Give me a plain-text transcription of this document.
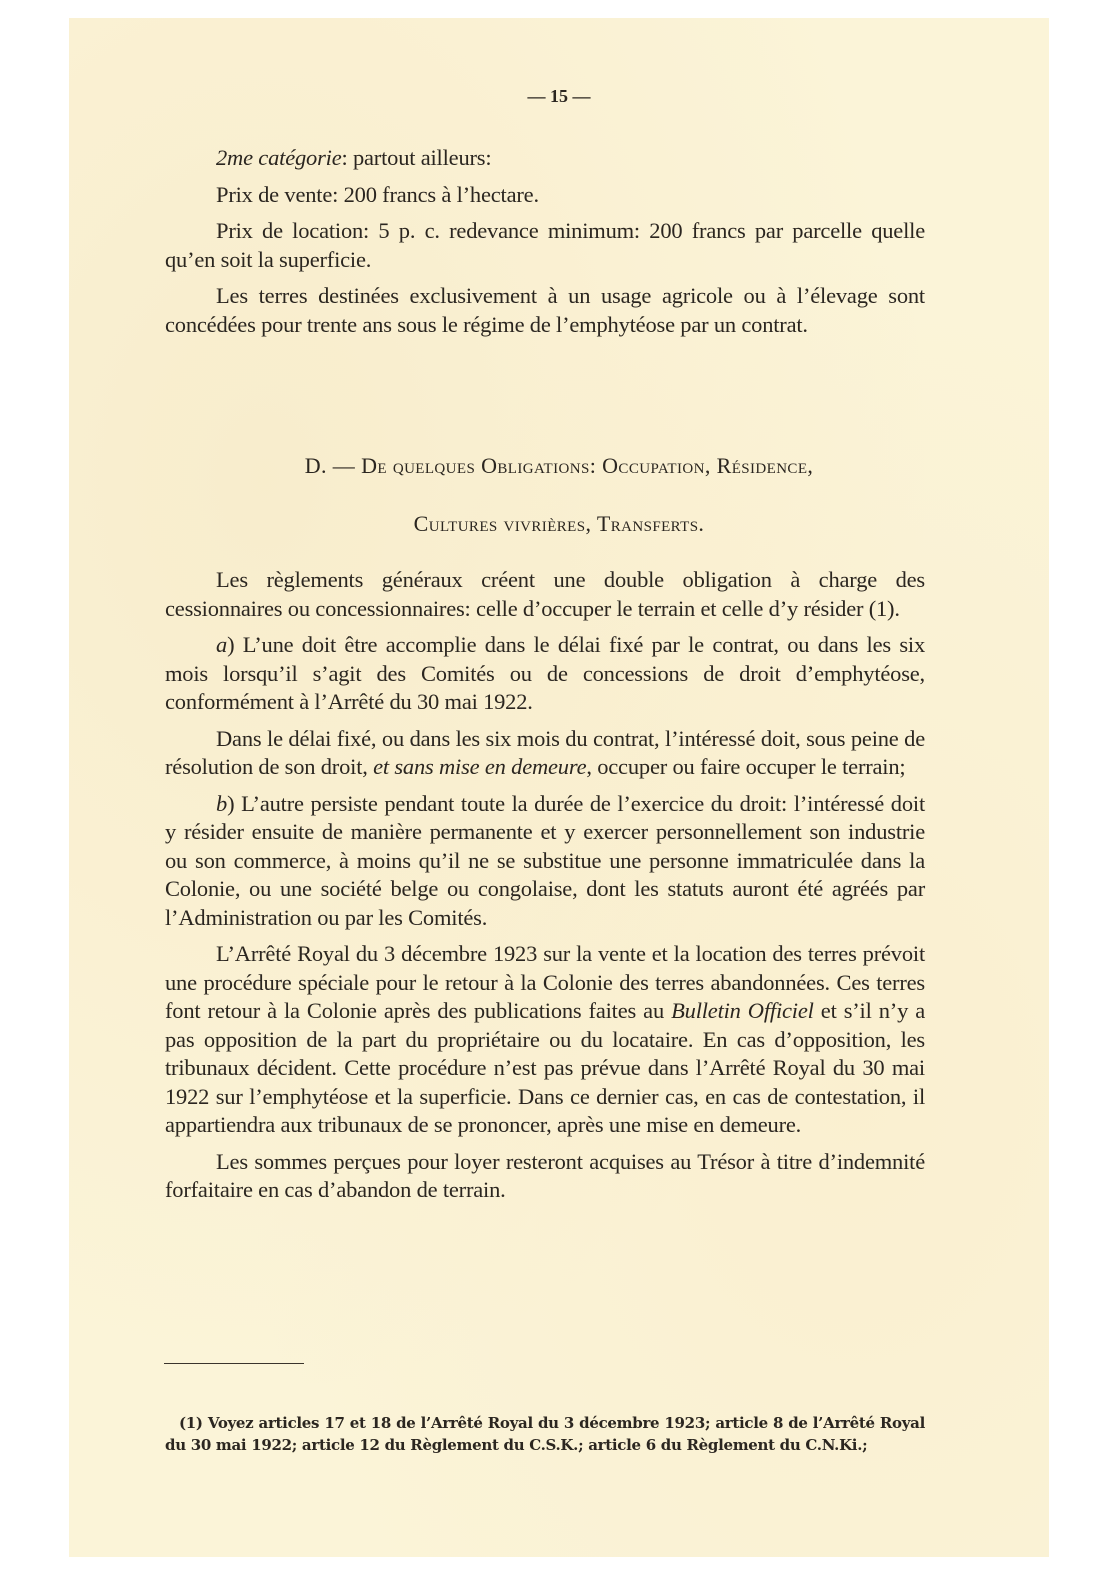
— 15 —

2me catégorie: partout ailleurs:

Prix de vente: 200 francs à l’hectare.

Prix de location: 5 p. c. redevance minimum: 200 francs par parcelle quelle qu’en soit la superficie.

Les terres destinées exclusivement à un usage agricole ou à l’élevage sont concédées pour trente ans sous le régime de l’emphytéose par un contrat.

D. — De quelques Obligations: Occupation, Résidence,
Cultures vivrières, Transferts.

Les règlements généraux créent une double obligation à charge des cessionnaires ou concessionnaires: celle d’occuper le terrain et celle d’y résider (1).

a) L’une doit être accomplie dans le délai fixé par le contrat, ou dans les six mois lorsqu’il s’agit des Comités ou de concessions de droit d’emphytéose, conformément à l’Arrêté du 30 mai 1922.

Dans le délai fixé, ou dans les six mois du contrat, l’intéressé doit, sous peine de résolution de son droit, et sans mise en demeure, occuper ou faire occuper le terrain;

b) L’autre persiste pendant toute la durée de l’exercice du droit: l’intéressé doit y résider ensuite de manière permanente et y exercer personnellement son industrie ou son commerce, à moins qu’il ne se substitue une personne immatriculée dans la Colonie, ou une société belge ou congolaise, dont les statuts auront été agréés par l’Administration ou par les Comités.

L’Arrêté Royal du 3 décembre 1923 sur la vente et la location des terres prévoit une procédure spéciale pour le retour à la Colonie des terres abandonnées. Ces terres font retour à la Colonie après des publications faites au Bulletin Officiel et s’il n’y a pas opposition de la part du propriétaire ou du locataire. En cas d’opposition, les tribunaux décident. Cette procédure n’est pas prévue dans l’Arrêté Royal du 30 mai 1922 sur l’emphytéose et la superficie. Dans ce dernier cas, en cas de contestation, il appartiendra aux tribunaux de se prononcer, après une mise en demeure.

Les sommes perçues pour loyer resteront acquises au Trésor à titre d’indemnité forfaitaire en cas d’abandon de terrain.

(1) Voyez articles 17 et 18 de l’Arrêté Royal du 3 décembre 1923; article 8 de l’Arrêté Royal du 30 mai 1922; article 12 du Règlement du C.S.K.; article 6 du Règlement du C.N.Ki.;
